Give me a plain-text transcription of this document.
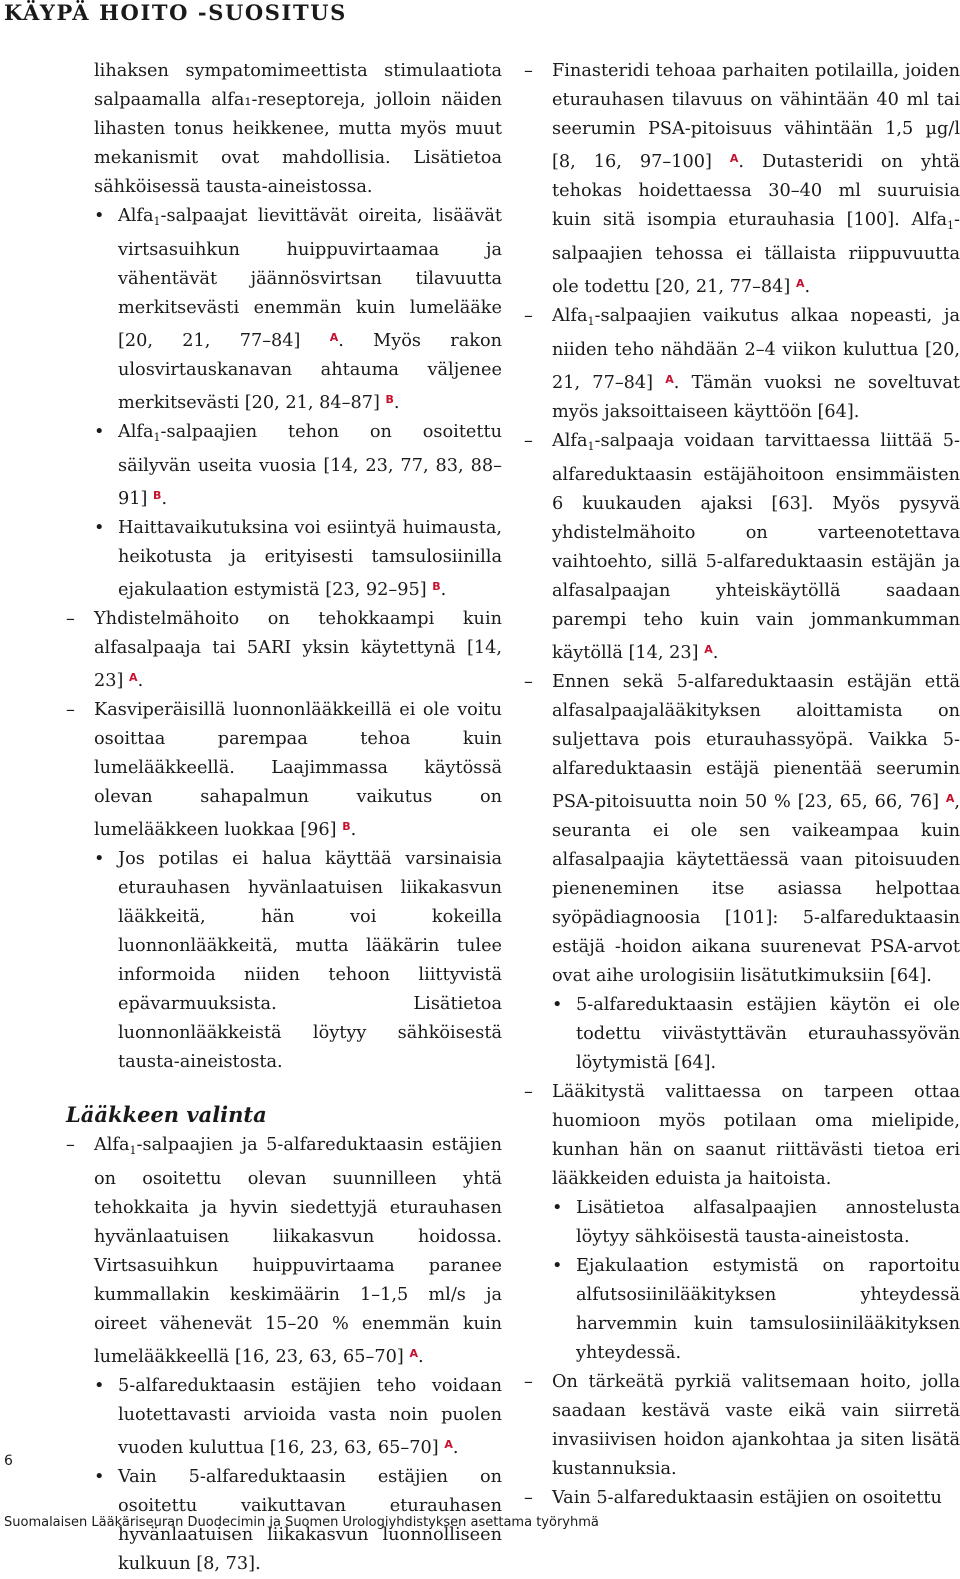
KÄYPÄ HOITO -SUOSITUS

lihaksen sympatomimeettista stimulaatiota salpaamalla alfa₁-reseptoreja, jolloin näiden lihasten tonus heikkenee, mutta myös muut mekanismit ovat mahdollisia. Lisätietoa sähköisessä tausta-aineistossa.

• Alfa$_1$-salpaajat lievittävät oireita, lisäävät virtsasuihkun huippuvirtaamaa ja vähentävät jäännösvirtsan tilavuutta merkitsevästi enemmän kuin lumelääke [20, 21, 77–84]	$^A$. Myös rakon ulosvirtauskanavan ahtauma väljenee merkitsevästi [20, 21, 84–87] $^B$.

• Alfa$_1$-salpaajien tehon on osoitettu säilyvän useita vuosia [14, 23, 77, 83, 88–91] $^B$.

• Haittavaikutuksina voi esiintyä huimausta, heikotusta ja erityisesti tamsulosiinilla ejakulaation estymistä [23, 92–95] $^B$.

– Yhdistelmähoito on tehokkaampi kuin alfasalpaaja tai 5ARI yksin käytettynä [14, 23] $^A$.

– Kasviperäisillä luonnonlääkkeillä ei ole voitu osoittaa parempaa tehoa kuin lumelääkkeellä. Laajimmassa käytössä olevan sahapalmun vaikutus on lumelääkkeen luokkaa [96] $^B$.

• Jos potilas ei halua käyttää varsinaisia eturauhasen hyvänlaatuisen liikakasvun lääkkeitä, hän voi kokeilla luonnonlääkkeitä, mutta lääkärin tulee informoida niiden tehoon liittyvistä epävarmuuksista. Lisätietoa luonnonlääkkeistä löytyy sähköisestä tausta-aineistosta.

Lääkkeen valinta

– Alfa$_1$-salpaajien ja 5-alfareduktaasin estäjien on osoitettu olevan suunnilleen yhtä tehokkaita ja hyvin siedettyjä eturauhasen hyvänlaatuisen liikakasvun hoidossa. Virtsasuihkun huippuvirtaama paranee kummallakin keskimäärin 1–1,5 ml/s ja oireet vähenevät 15–20 % enemmän kuin lumelääkkeellä [16, 23, 63, 65–70] $^A$.

• 5-alfareduktaasin estäjien teho voidaan luotettavasti arvioida vasta noin puolen vuoden kuluttua [16, 23, 63, 65–70] $^A$.

• Vain 5-alfareduktaasin estäjien on osoitettu vaikuttavan eturauhasen hyvänlaatuisen liikakasvun luonnolliseen kulkuun [8, 73].

– Finasteridi tehoaa parhaiten potilailla, joiden eturauhasen tilavuus on vähintään 40 ml tai seerumin PSA-pitoisuus vähintään 1,5 µg/l [8, 16, 97–100] $^A$. Dutasteridi on yhtä tehokas hoidettaessa 30–40 ml suuruisia kuin sitä isompia eturauhasia [100]. Alfa$_1$-salpaajien tehossa ei tällaista riippuvuutta ole todettu [20, 21, 77–84] $^A$.

– Alfa$_1$-salpaajien vaikutus alkaa nopeasti, ja niiden teho nähdään 2–4 viikon kuluttua [20, 21, 77–84] $^A$. Tämän vuoksi ne soveltuvat myös jaksoittaiseen käyttöön [64].

– Alfa$_1$-salpaaja voidaan tarvittaessa liittää 5-alfareduktaasin estäjähoitoon ensimmäisten 6 kuukauden ajaksi [63]. Myös pysyvä yhdistelmähoito on varteenotettava vaihtoehto, sillä 5-alfareduktaasin estäjän ja alfasalpaajan yhteiskäytöllä saadaan parempi teho kuin vain jommankumman käytöllä [14, 23] $^A$.

– Ennen sekä 5-alfareduktaasin estäjän että alfasalpaajalääkityksen aloittamista on suljettava pois eturauhassyöpä. Vaikka 5-alfareduktaasin estäjä pienentää seerumin PSA-pitoisuutta noin 50 % [23, 65, 66, 76] $^A$, seuranta ei ole sen vaikeampaa kuin alfasalpaajia käytettäessä vaan pitoisuuden pieneneminen itse asiassa helpottaa syöpädiagnoosia [101]: 5-alfareduktaasin estäjä -hoidon aikana suurenevat PSA-arvot ovat aihe urologisiin lisätutkimuksiin [64].

• 5-alfareduktaasin estäjien käytön ei ole todettu viivästyttävän eturauhassyövän löytymistä [64].

– Lääkitystä valittaessa on tarpeen ottaa huomioon myös potilaan oma mielipide, kunhan hän on saanut riittävästi tietoa eri lääkkeiden eduista ja haitoista.

• Lisätietoa alfasalpaajien annostelusta löytyy sähköisestä tausta-aineistosta.

• Ejakulaation estymistä on raportoitu alfutsosiinilääkityksen yhteydessä harvemmin kuin tamsulosiinilääkityksen yhteydessä.

– On tärkeätä pyrkiä valitsemaan hoito, jolla saadaan kestävä vaste eikä vain siirretä invasiivisen hoidon ajankohtaa ja siten lisätä kustannuksia.

– Vain 5-alfareduktaasin estäjien on osoitettu

6
Suomalaisen Lääkäriseuran Duodecimin ja Suomen Urologiyhdistyksen asettama työryhmä
